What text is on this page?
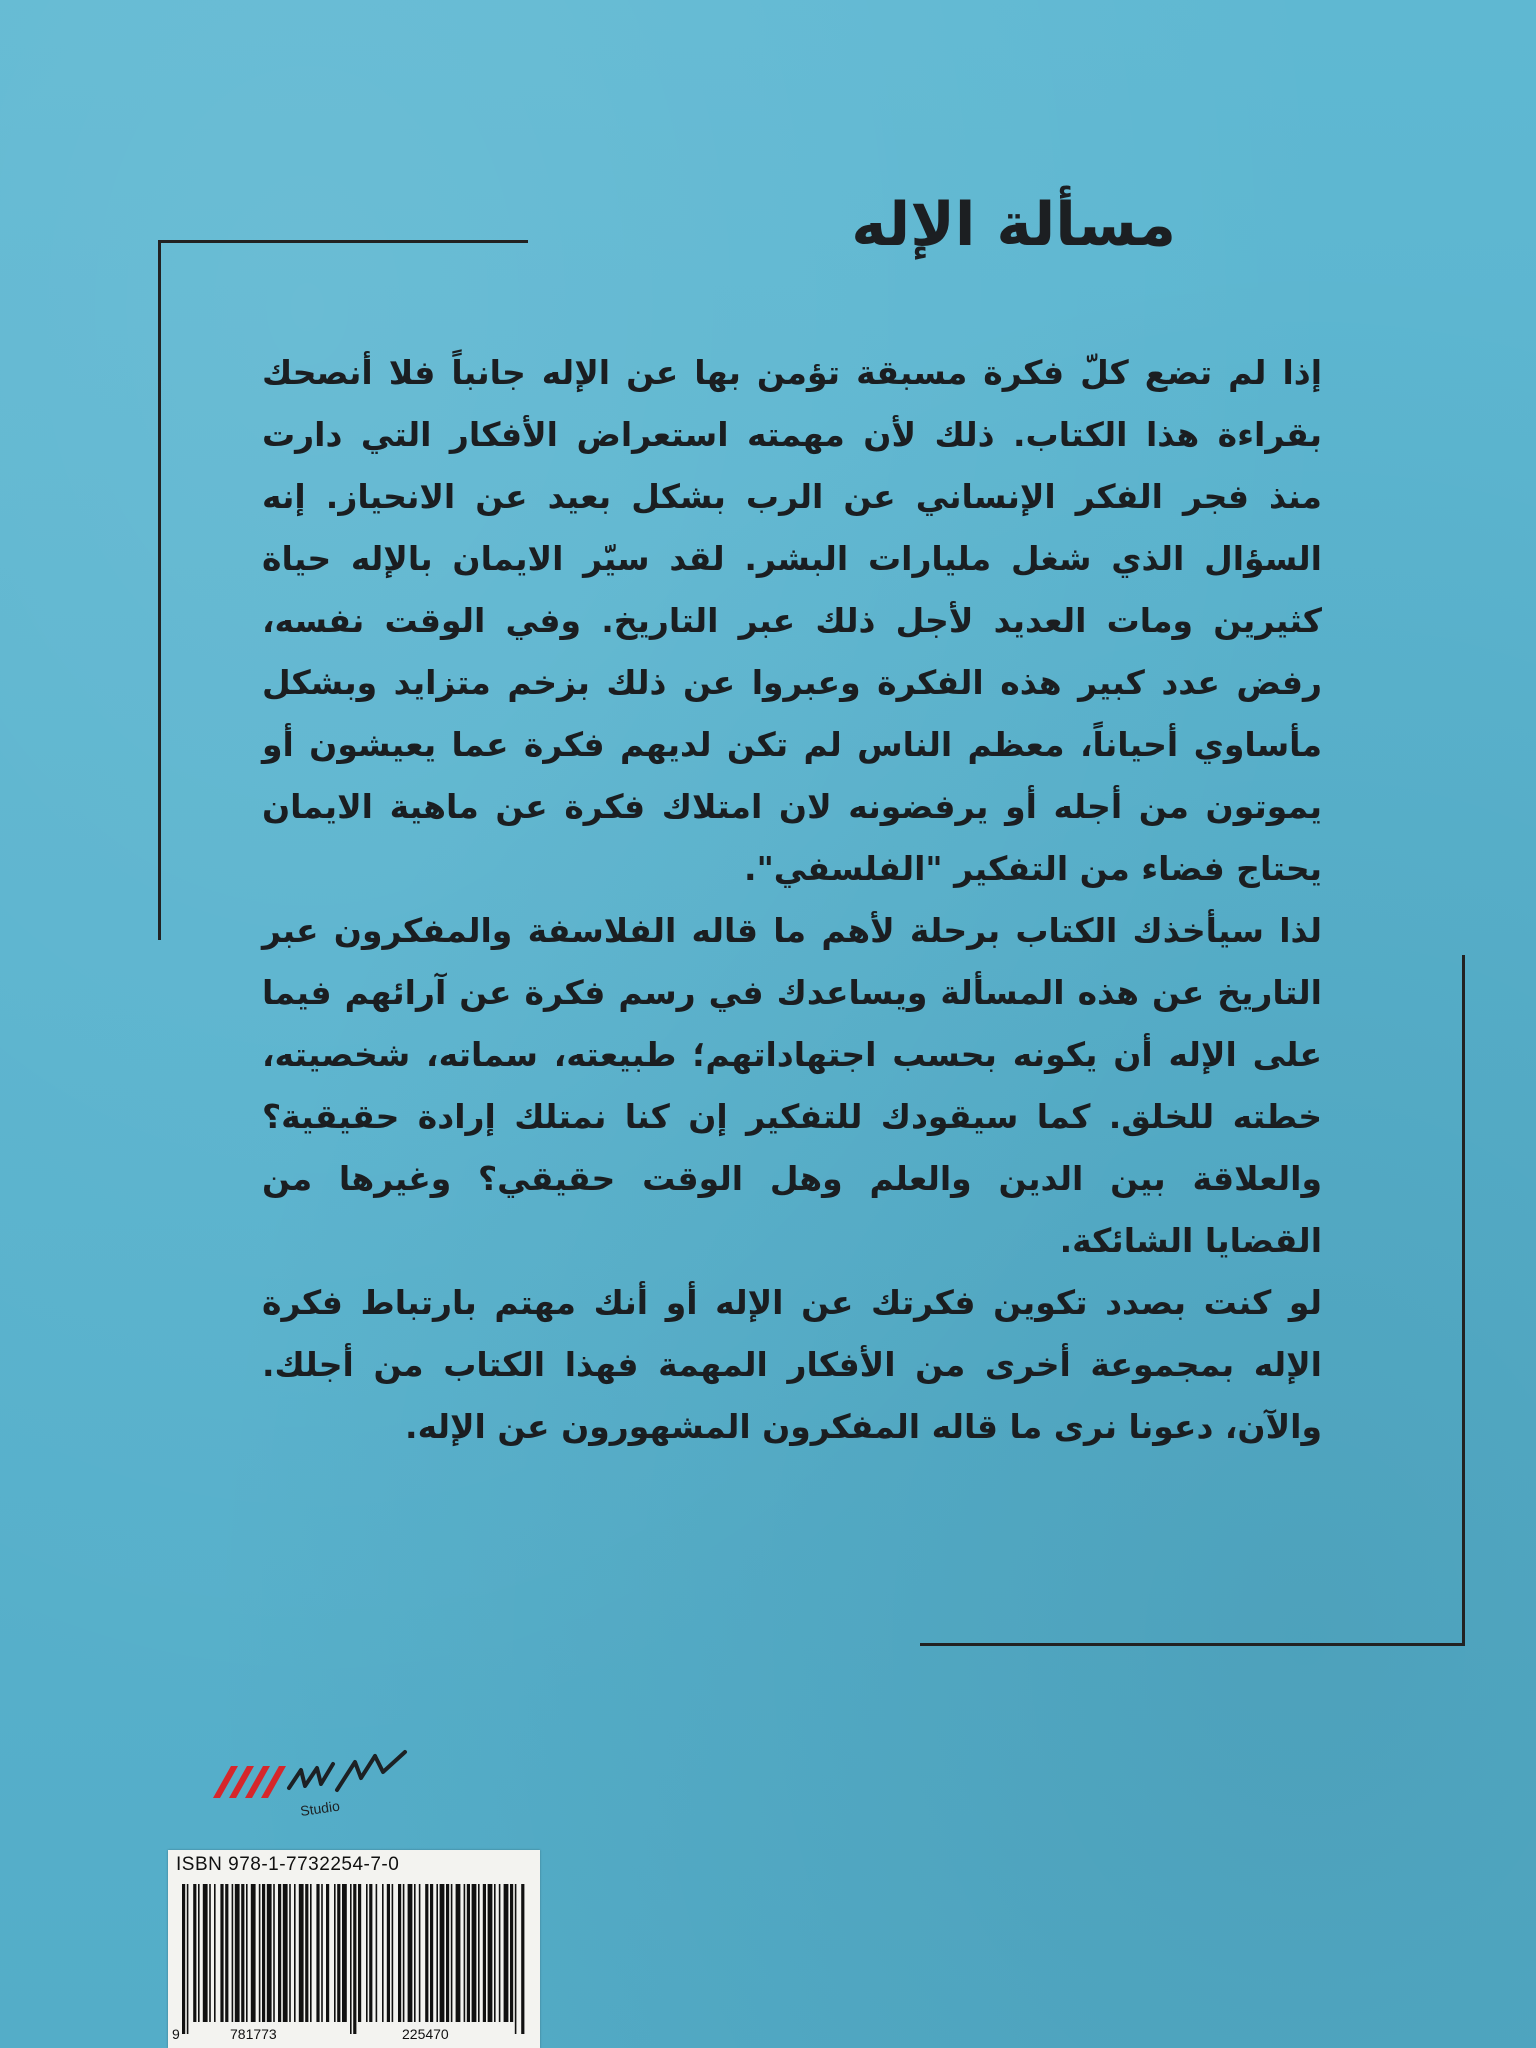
مسألة الإله

إذا لم تضع كلّ فكرة مسبقة تؤمن بها عن الإله جانباً فلا أنصحك بقراءة هذا الكتاب. ذلك لأن مهمته استعراض الأفكار التي دارت منذ فجر الفكر الإنساني عن الرب بشكل بعيد عن الانحياز. إنه السؤال الذي شغل مليارات البشر. لقد سيّر الايمان بالإله حياة كثيرين ومات العديد لأجل ذلك عبر التاريخ. وفي الوقت نفسه، رفض عدد كبير هذه الفكرة وعبروا عن ذلك بزخم متزايد وبشكل مأساوي أحياناً، معظم الناس لم تكن لديهم فكرة عما يعيشون أو يموتون من أجله أو يرفضونه لان امتلاك فكرة عن ماهية الايمان يحتاج فضاء من التفكير "الفلسفي".

لذا سيأخذك الكتاب برحلة لأهم ما قاله الفلاسفة والمفكرون عبر التاريخ عن هذه المسألة ويساعدك في رسم فكرة عن آرائهم فيما على الإله أن يكونه بحسب اجتهاداتهم؛ طبيعته، سماته، شخصيته، خطته للخلق. كما سيقودك للتفكير إن كنا نمتلك إرادة حقيقية؟ والعلاقة بين الدين والعلم وهل الوقت حقيقي؟ وغيرها من القضايا الشائكة.

لو كنت بصدد تكوين فكرتك عن الإله أو أنك مهتم بارتباط فكرة الإله بمجموعة أخرى من الأفكار المهمة فهذا الكتاب من أجلك. والآن، دعونا نرى ما قاله المفكرون المشهورون عن الإله.

Studio
ISBN 978-1-7732254-7-0
9	781773	225470
